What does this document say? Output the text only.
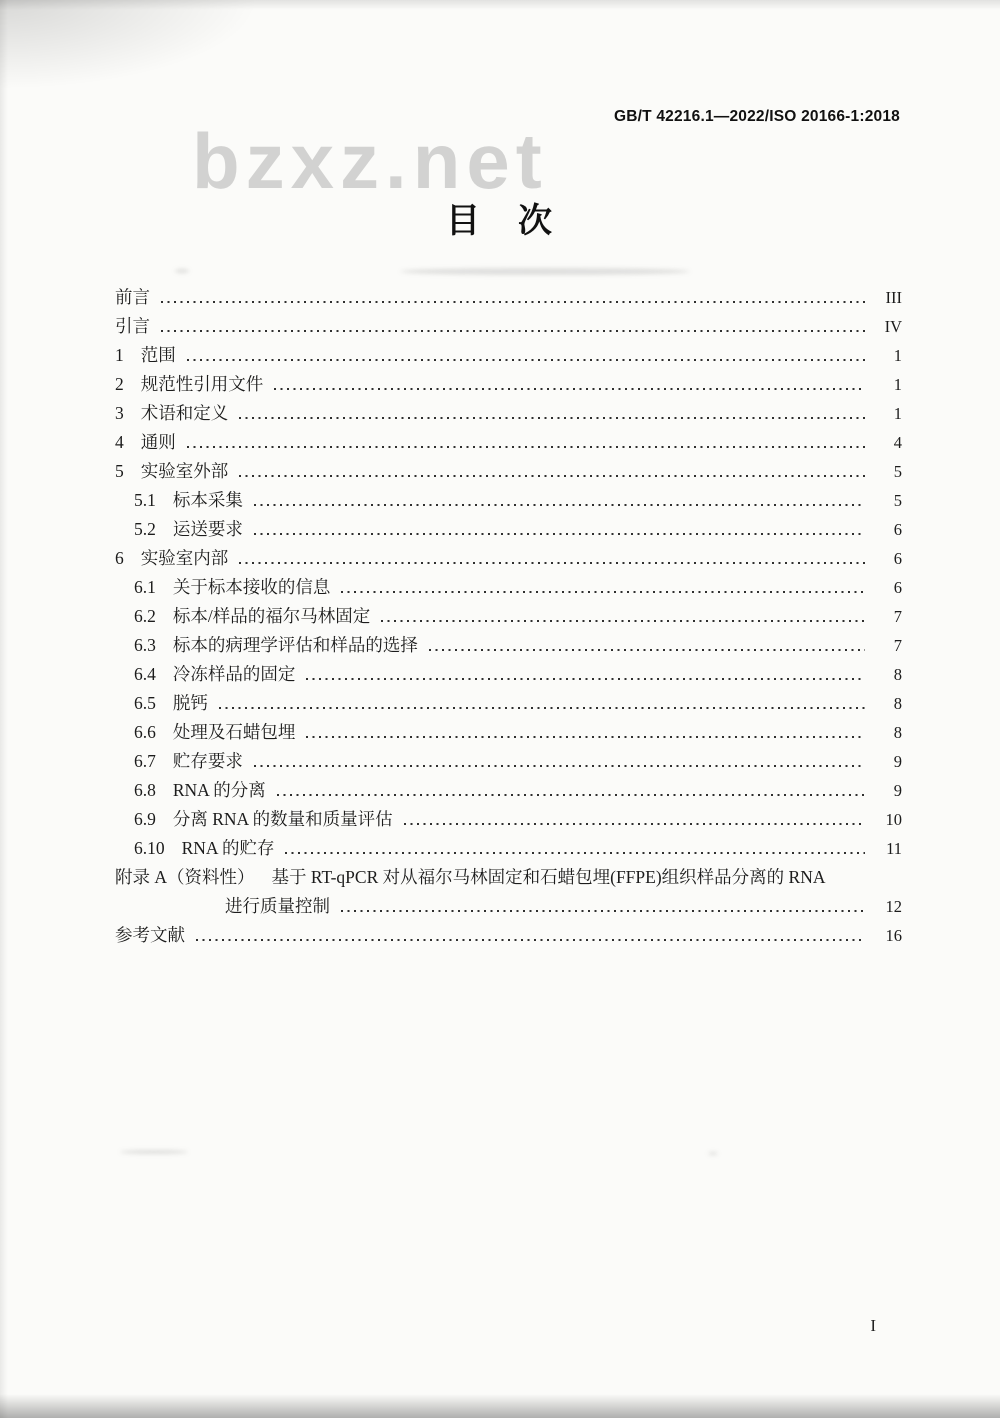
GB/T 42216.1—2022/ISO 20166-1:2018
bzxz.net
目　次
前言	III
引言	IV
1 范围	1
2 规范性引用文件	1
3 术语和定义	1
4 通则	4
5 实验室外部	5
5.1 标本采集	5
5.2 运送要求	6
6 实验室内部	6
6.1 关于标本接收的信息	6
6.2 标本/样品的福尔马林固定	7
6.3 标本的病理学评估和样品的选择	7
6.4 冷冻样品的固定	8
6.5 脱钙	8
6.6 处理及石蜡包埋	8
6.7 贮存要求	9
6.8 RNA 的分离	9
6.9 分离 RNA 的数量和质量评估	10
6.10 RNA 的贮存	11
附录 A（资料性） 基于 RT-qPCR 对从福尔马林固定和石蜡包埋(FFPE)组织样品分离的 RNA
进行质量控制	12
参考文献	16
I
